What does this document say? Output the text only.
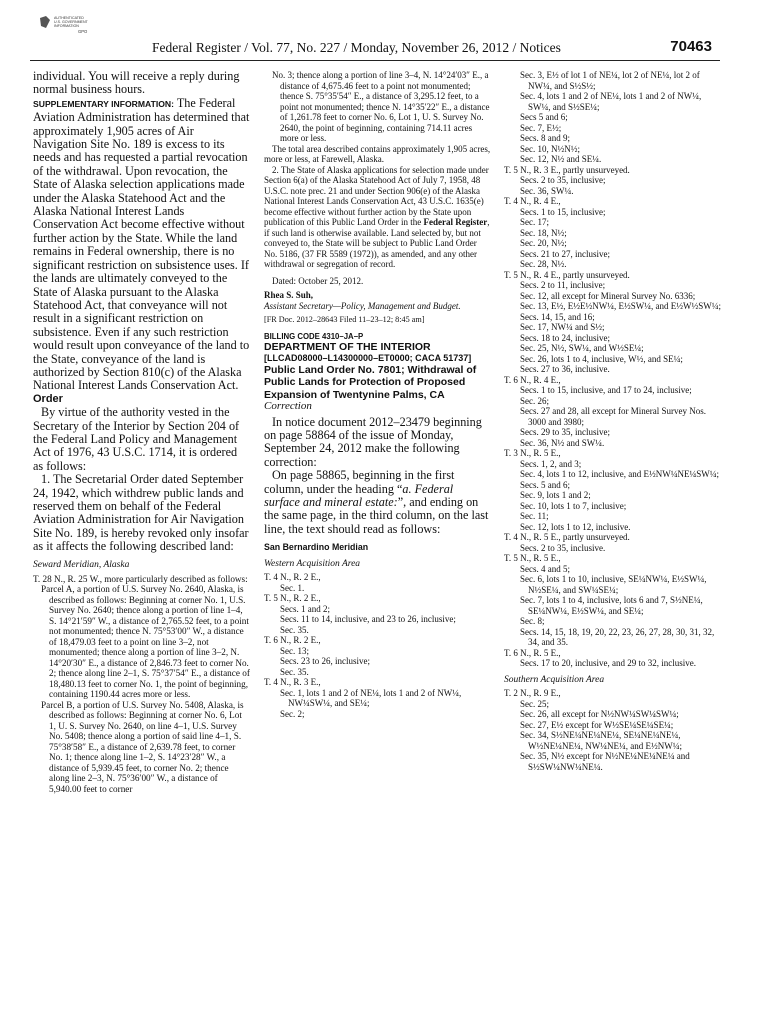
AUTHENTICATED
U.S. GOVERNMENT
INFORMATION
GPO
Federal Register / Vol. 77, No. 227 / Monday, November 26, 2012 / Notices	70463

individual. You will receive a reply during normal business hours.

SUPPLEMENTARY INFORMATION: The Federal Aviation Administration has determined that approximately 1,905 acres of Air Navigation Site No. 189 is excess to its needs and has requested a partial revocation of the withdrawal. Upon revocation, the State of Alaska selection applications made under the Alaska Statehood Act and the Alaska National Interest Lands Conservation Act become effective without further action by the State. While the land remains in Federal ownership, there is no significant restriction on subsistence uses. If the lands are ultimately conveyed to the State of Alaska pursuant to the Alaska Statehood Act, that conveyance will not result in a significant restriction on subsistence. Even if any such restriction would result upon conveyance of the land to the State, conveyance of the land is authorized by Section 810(c) of the Alaska National Interest Lands Conservation Act.

Order

By virtue of the authority vested in the Secretary of the Interior by Section 204 of the Federal Land Policy and Management Act of 1976, 43 U.S.C. 1714, it is ordered as follows:

1. The Secretarial Order dated September 24, 1942, which withdrew public lands and reserved them on behalf of the Federal Aviation Administration for Air Navigation Site No. 189, is hereby revoked only insofar as it affects the following described land:

Seward Meridian, Alaska

T. 28 N., R. 25 W., more particularly described as follows:

Parcel A, a portion of U.S. Survey No. 2640, Alaska, is described as follows: Beginning at corner No. 1, U.S. Survey No. 2640; thence along a portion of line 1–4, S. 14°21′59″ W., a distance of 2,765.52 feet, to a point not monumented; thence N. 75°53′00″ W., a distance of 18,479.03 feet to a point on line 3–2, not monumented; thence along a portion of line 3–2, N. 14°20′30″ E., a distance of 2,846.73 feet to corner No. 2; thence along line 2–1, S. 75°37′54″ E., a distance of 18,480.13 feet to corner No. 1, the point of beginning, containing 1190.44 acres more or less.

Parcel B, a portion of U.S. Survey No. 5408, Alaska, is described as follows: Beginning at corner No. 6, Lot 1, U. S. Survey No. 2640, on line 4–1, U.S. Survey No. 5408; thence along a portion of said line 4–1, S. 75°38′58″ E., a distance of 2,639.78 feet, to corner No. 1; thence along line 1–2, S. 14°23′28″ W., a distance of 5,939.45 feet, to corner No. 2; thence along line 2–3, N. 75°36′00″ W., a distance of 5,940.00 feet to corner

No. 3; thence along a portion of line 3–4, N. 14°24′03″ E., a distance of 4,675.46 feet to a point not monumented; thence S. 75°35′54″ E., a distance of 3,295.12 feet, to a point not monumented; thence N. 14°35′22″ E., a distance of 1,261.78 feet to corner No. 6, Lot 1, U. S. Survey No. 2640, the point of beginning, containing 714.11 acres more or less.

The total area described contains approximately 1,905 acres, more or less, at Farewell, Alaska.

2. The State of Alaska applications for selection made under Section 6(a) of the Alaska Statehood Act of July 7, 1958, 48 U.S.C. note prec. 21 and under Section 906(e) of the Alaska National Interest Lands Conservation Act, 43 U.S.C. 1635(e) become effective without further action by the State upon publication of this Public Land Order in the Federal Register, if such land is otherwise available. Land selected by, but not conveyed to, the State will be subject to Public Land Order No. 5186, (37 FR 5589 (1972)), as amended, and any other withdrawal or segregation of record.

Dated: October 25, 2012.

Rhea S. Suh,

Assistant Secretary—Policy, Management and Budget.

[FR Doc. 2012–28643 Filed 11–23–12; 8:45 am]

BILLING CODE 4310–JA–P

DEPARTMENT OF THE INTERIOR

[LLCAD08000–L14300000–ET0000; CACA 51737]

Public Land Order No. 7801; Withdrawal of Public Lands for Protection of Proposed Expansion of Twentynine Palms, CA

Correction

In notice document 2012–23479 beginning on page 58864 of the issue of Monday, September 24, 2012 make the following correction:

On page 58865, beginning in the first column, under the heading “a. Federal surface and mineral estate:”, and ending on the same page, in the third column, on the last line, the text should read as follows:

San Bernardino Meridian

Western Acquisition Area

T. 4 N., R. 2 E.,

Sec. 1.

T. 5 N., R. 2 E.,

Secs. 1 and 2;

Secs. 11 to 14, inclusive, and 23 to 26, inclusive;

Sec. 35.

T. 6 N., R. 2 E.,

Sec. 13;

Secs. 23 to 26, inclusive;

Sec. 35.

T. 4 N., R. 3 E.,

Sec. 1, lots 1 and 2 of NE¼, lots 1 and 2 of NW¼, NW¼SW¼, and SE¼;

Sec. 2;

Sec. 3, E½ of lot 1 of NE¼, lot 2 of NE¼, lot 2 of NW¼, and S½S½;

Sec. 4, lots 1 and 2 of NE¼, lots 1 and 2 of NW¼, SW¼, and S½SE¼;

Secs 5 and 6;

Sec. 7, E½;

Secs. 8 and 9;

Sec. 10, N½N½;

Sec. 12, N½ and SE¼.

T. 5 N., R. 3 E., partly unsurveyed.

Secs. 2 to 35, inclusive;

Sec. 36, SW¼.

T. 4 N., R. 4 E.,

Secs. 1 to 15, inclusive;

Sec. 17;

Sec. 18, N½;

Sec. 20, N½;

Secs. 21 to 27, inclusive;

Sec. 28, N½.

T. 5 N., R. 4 E., partly unsurveyed.

Secs. 2 to 11, inclusive;

Sec. 12, all except for Mineral Survey No. 6336;

Sec. 13, E½, E½E½NW¼, E½SW¼, and E½W½SW¼;

Secs. 14, 15, and 16;

Sec. 17, NW¼ and S½;

Secs. 18 to 24, inclusive;

Sec. 25, N½, SW¼, and W½SE¼;

Sec. 26, lots 1 to 4, inclusive, W½, and SE¼;

Secs. 27 to 36, inclusive.

T. 6 N., R. 4 E.,

Secs. 1 to 15, inclusive, and 17 to 24, inclusive;

Sec. 26;

Secs. 27 and 28, all except for Mineral Survey Nos. 3000 and 3980;

Secs. 29 to 35, inclusive;

Sec. 36, N½ and SW¼.

T. 3 N., R. 5 E.,

Secs. 1, 2, and 3;

Sec. 4, lots 1 to 12, inclusive, and E½NW¼NE¼SW¼;

Secs. 5 and 6;

Sec. 9, lots 1 and 2;

Sec. 10, lots 1 to 7, inclusive;

Sec. 11;

Sec. 12, lots 1 to 12, inclusive.

T. 4 N., R. 5 E., partly unsurveyed.

Secs. 2 to 35, inclusive.

T. 5 N., R. 5 E.,

Secs. 4 and 5;

Sec. 6, lots 1 to 10, inclusive, SE¼NW¼, E½SW¼, N½SE¼, and SW¼SE¼;

Sec. 7, lots 1 to 4, inclusive, lots 6 and 7, S½NE¼, SE¼NW¼, E½SW¼, and SE¼;

Sec. 8;

Secs. 14, 15, 18, 19, 20, 22, 23, 26, 27, 28, 30, 31, 32, 34, and 35.

T. 6 N., R. 5 E.,

Secs. 17 to 20, inclusive, and 29 to 32, inclusive.

Southern Acquisition Area

T. 2 N., R. 9 E.,

Sec. 25;

Sec. 26, all except for N½NW¼SW¼SW¼;

Sec. 27, E½ except for W½SE¼SE¼SE¼;

Sec. 34, S½NE¼NE¼NE¼, SE¼NE¼NE¼, W½NE¼NE¼, NW¼NE¼, and E½NW¼;

Sec. 35, N½ except for N½NE¼NE¼NE¼ and S½SW¼NW¼NE¼.
